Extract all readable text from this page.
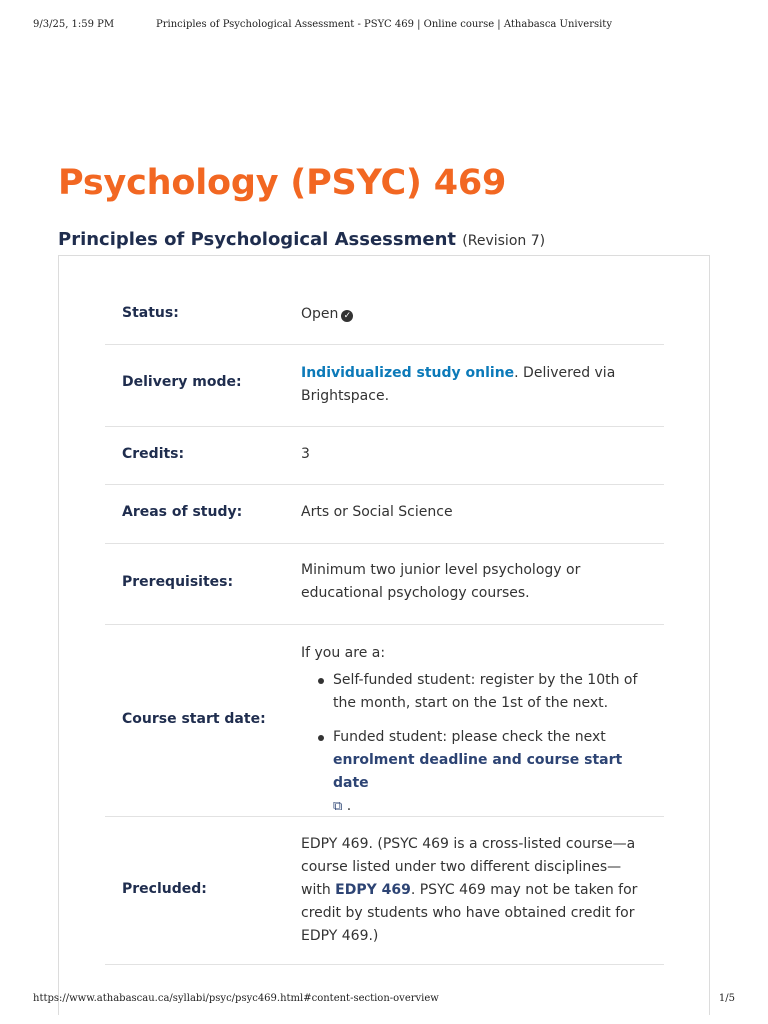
9/3/25, 1:59 PM	Principles of Psychological Assessment - PSYC 469 | Online course | Athabasca University
Psychology (PSYC) 469
Principles of Psychological Assessment (Revision 7)
Status:	Open ✓
Delivery mode:
Individualized study online. Delivered via Brightspace.
Credits:	3
Areas of study:	Arts or Social Science
Prerequisites:
Minimum two junior level psychology or educational psychology courses.
Course start date:
If you are a:
Self-funded student: register by the 10th of the month, start on the 1st of the next.
Funded student: please check the next enrolment deadline and course start date
⧉ .
Precluded:
EDPY 469. (PSYC 469 is a cross-listed course—a course listed under two different disciplines—with EDPY 469. PSYC 469 may not be taken for credit by students who have obtained credit for EDPY 469.)
https://www.athabascau.ca/syllabi/psyc/psyc469.html#content-section-overview	1/5
